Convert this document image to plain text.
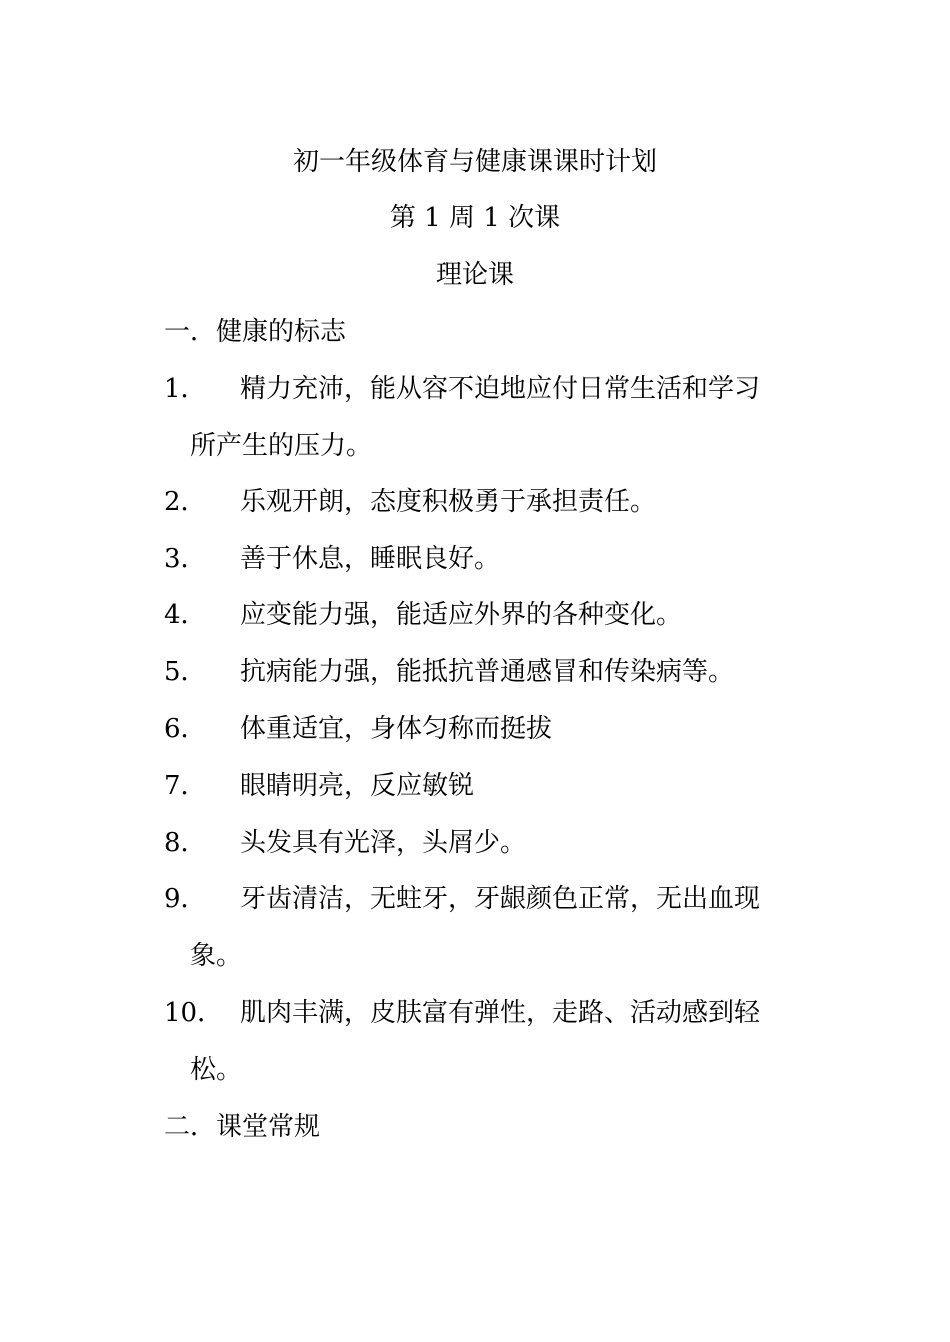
初一年级体育与健康课课时计划
第 1 周 1 次课
理论课
一．健康的标志
1． 精力充沛，能从容不迫地应付日常生活和学习
所产生的压力。
2． 乐观开朗，态度积极勇于承担责任。
3． 善于休息，睡眠良好。
4． 应变能力强，能适应外界的各种变化。
5． 抗病能力强，能抵抗普通感冒和传染病等。
6． 体重适宜，身体匀称而挺拔
7． 眼睛明亮，反应敏锐
8． 头发具有光泽，头屑少。
9． 牙齿清洁，无蛀牙，牙龈颜色正常，无出血现
象。
10． 肌肉丰满，皮肤富有弹性，走路、活动感到轻
松。
二．课堂常规
